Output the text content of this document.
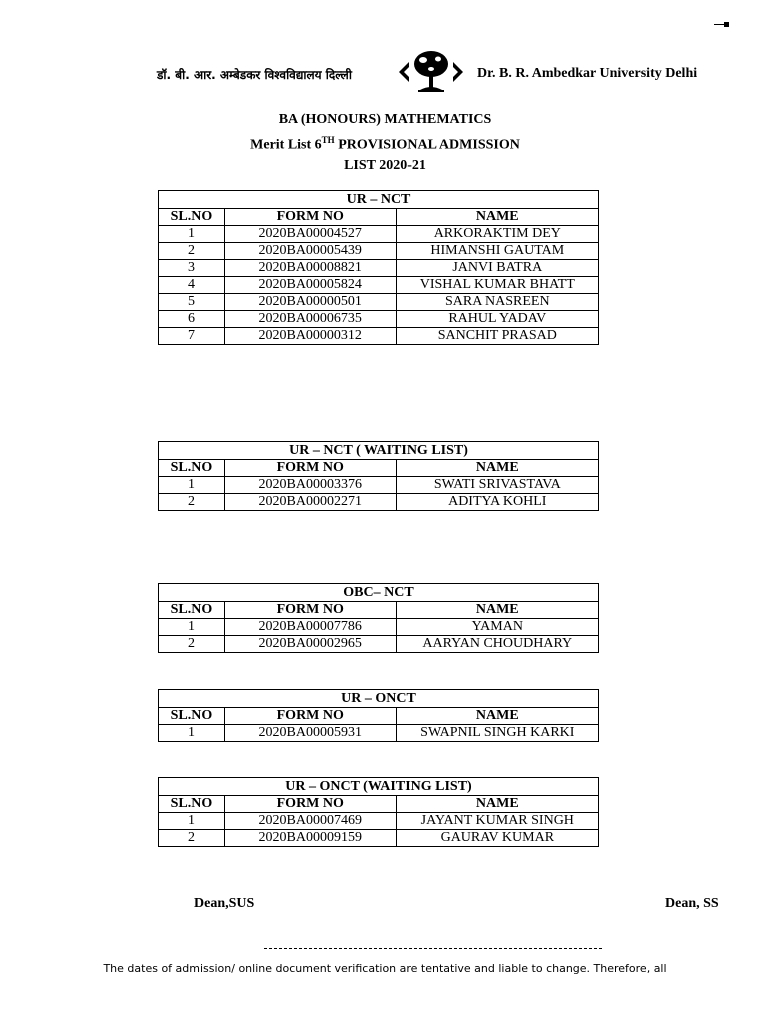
डॉ. बी. आर. अम्बेडकर विश्वविद्यालय दिल्ली	Dr. B. R. Ambedkar University Delhi
BA (HONOURS) MATHEMATICS
Merit List 6TH PROVISIONAL ADMISSION
LIST 2020-21
UR – NCT		
SL.NO	FORM NO	NAME
1	2020BA00004527	ARKORAKTIM DEY
2	2020BA00005439	HIMANSHI GAUTAM
3	2020BA00008821	JANVI BATRA
4	2020BA00005824	VISHAL KUMAR BHATT
5	2020BA00000501	SARA NASREEN
6	2020BA00006735	RAHUL YADAV
7	2020BA00000312	SANCHIT PRASAD
UR – NCT ( WAITING LIST)		
SL.NO	FORM NO	NAME
1	2020BA00003376	SWATI SRIVASTAVA
2	2020BA00002271	ADITYA KOHLI
OBC– NCT		
SL.NO	FORM NO	NAME
1	2020BA00007786	YAMAN
2	2020BA00002965	AARYAN CHOUDHARY
UR – ONCT		
SL.NO	FORM NO	NAME
1	2020BA00005931	SWAPNIL SINGH KARKI
UR – ONCT (WAITING LIST)		
SL.NO	FORM NO	NAME
1	2020BA00007469	JAYANT KUMAR SINGH
2	2020BA00009159	GAURAV KUMAR
Dean,SUS	Dean, SS
The dates of admission/ online document verification are tentative and liable to change. Therefore, all
